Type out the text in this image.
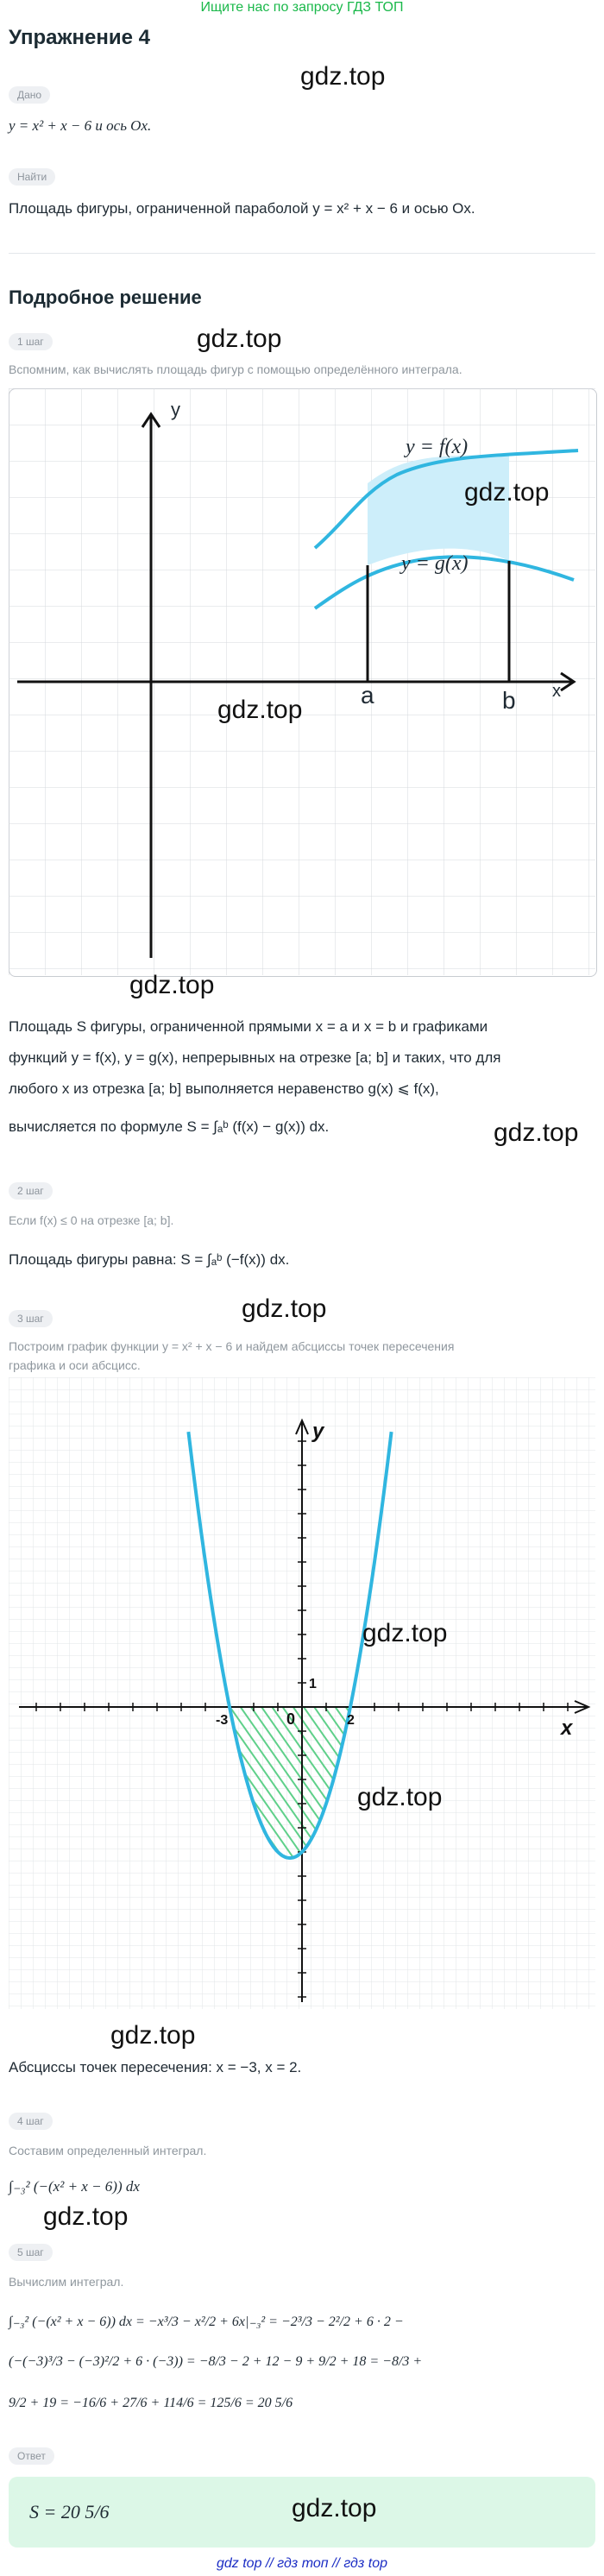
Ищите нас по запросу ГДЗ ТОП
Упражнение 4
gdz.top
Дано
y = x² + x − 6 и ось Ox.
Найти
Площадь фигуры, ограниченной параболой y = x² + x − 6 и осью Ox.
Подробное решение
1 шаг	gdz.top
Вспомним, как вычислять площадь фигур с помощью определённого интеграла.
y
x
y = f(x)
y = g(x)
a	b
gdz.top
gdz.top
gdz.top
Площадь S фигуры, ограниченной прямыми x = a и x = b и графиками
функций y = f(x), y = g(x), непрерывных на отрезке [a; b] и таких, что для
любого x из отрезка [a; b] выполняется неравенство g(x) ⩽ f(x),
вычисляется по формуле S = ∫ₐᵇ (f(x) − g(x)) dx.	gdz.top
2 шаг
Если f(x) ≤ 0 на отрезке [a; b].
Площадь фигуры равна: S = ∫ₐᵇ (−f(x)) dx.
gdz.top
3 шаг
Построим график функции y = x² + x − 6 и найдем абсциссы точек пересечения
графика и оси абсцисс.
y
x
-3	0	2
1
gdz.top
gdz.top
gdz.top
Абсциссы точек пересечения: x = −3, x = 2.
4 шаг
Составим определенный интеграл.
∫₋₃² (−(x² + x − 6)) dx
gdz.top
5 шаг
Вычислим интеграл.
∫₋₃² (−(x² + x − 6)) dx = −x³/3 − x²/2 + 6x|₋₃² = −2³/3 − 2²/2 + 6 · 2 −
(−(−3)³/3 − (−3)²/2 + 6 · (−3)) = −8/3 − 2 + 12 − 9 + 9/2 + 18 = −8/3 +
9/2 + 19 = −16/6 + 27/6 + 114/6 = 125/6 = 20 5/6
Ответ
S = 20 5/6	gdz.top
gdz top // гдз топ // гдз top
